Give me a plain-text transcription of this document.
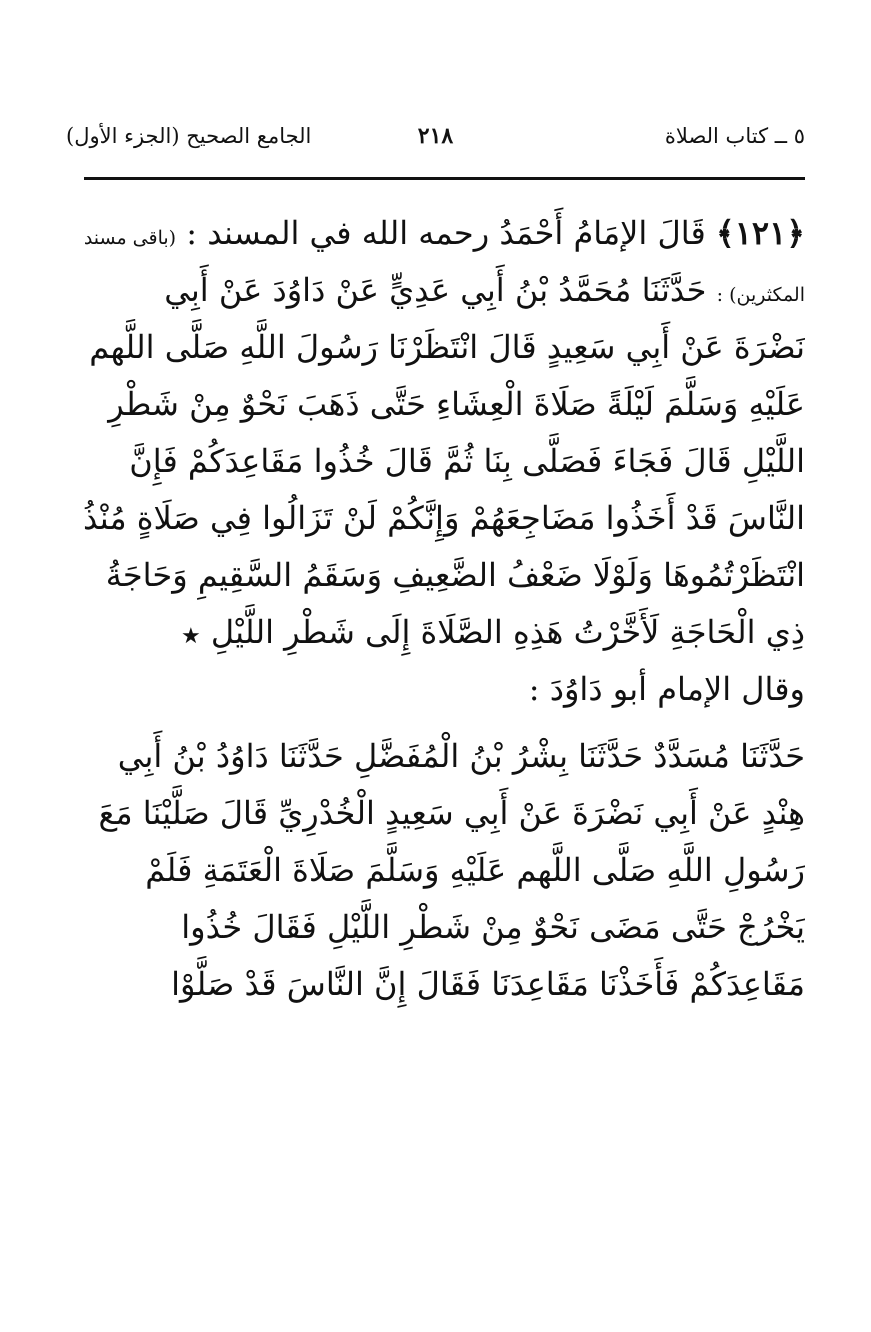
٥ ــ كتاب الصلاة
٢١٨
الجامع الصحيح (الجزء الأول)
﴿١٢١﴾ قَالَ الإمَامُ أَحْمَدُ رحمه الله في المسند : (باقى مسند
المكثرين) : حَدَّثَنَا مُحَمَّدُ بْنُ أَبِي عَدِيٍّ عَنْ دَاوُدَ عَنْ أَبِي
نَضْرَةَ عَنْ أَبِي سَعِيدٍ قَالَ انْتَظَرْنَا رَسُولَ اللَّهِ صَلَّى اللَّهم
عَلَيْهِ وَسَلَّمَ لَيْلَةً صَلَاةَ الْعِشَاءِ حَتَّى ذَهَبَ نَحْوٌ مِنْ شَطْرِ
اللَّيْلِ قَالَ فَجَاءَ فَصَلَّى بِنَا ثُمَّ قَالَ خُذُوا مَقَاعِدَكُمْ فَإِنَّ
النَّاسَ قَدْ أَخَذُوا مَضَاجِعَهُمْ وَإِنَّكُمْ لَنْ تَزَالُوا فِي صَلَاةٍ مُنْذُ
انْتَظَرْتُمُوهَا وَلَوْلَا ضَعْفُ الضَّعِيفِ وَسَقَمُ السَّقِيمِ وَحَاجَةُ
ذِي الْحَاجَةِ لَأَخَّرْتُ هَذِهِ الصَّلَاةَ إِلَى شَطْرِ اللَّيْلِ ★
وقال الإمام أبو دَاوُدَ :
حَدَّثَنَا مُسَدَّدٌ حَدَّثَنَا بِشْرُ بْنُ الْمُفَضَّلِ حَدَّثَنَا دَاوُدُ بْنُ أَبِي
هِنْدٍ عَنْ أَبِي نَضْرَةَ عَنْ أَبِي سَعِيدٍ الْخُدْرِيِّ قَالَ صَلَّيْنَا مَعَ
رَسُولِ اللَّهِ صَلَّى اللَّهم عَلَيْهِ وَسَلَّمَ صَلَاةَ الْعَتَمَةِ فَلَمْ
يَخْرُجْ حَتَّى مَضَى نَحْوٌ مِنْ شَطْرِ اللَّيْلِ فَقَالَ خُذُوا
مَقَاعِدَكُمْ فَأَخَذْنَا مَقَاعِدَنَا فَقَالَ إِنَّ النَّاسَ قَدْ صَلَّوْا
